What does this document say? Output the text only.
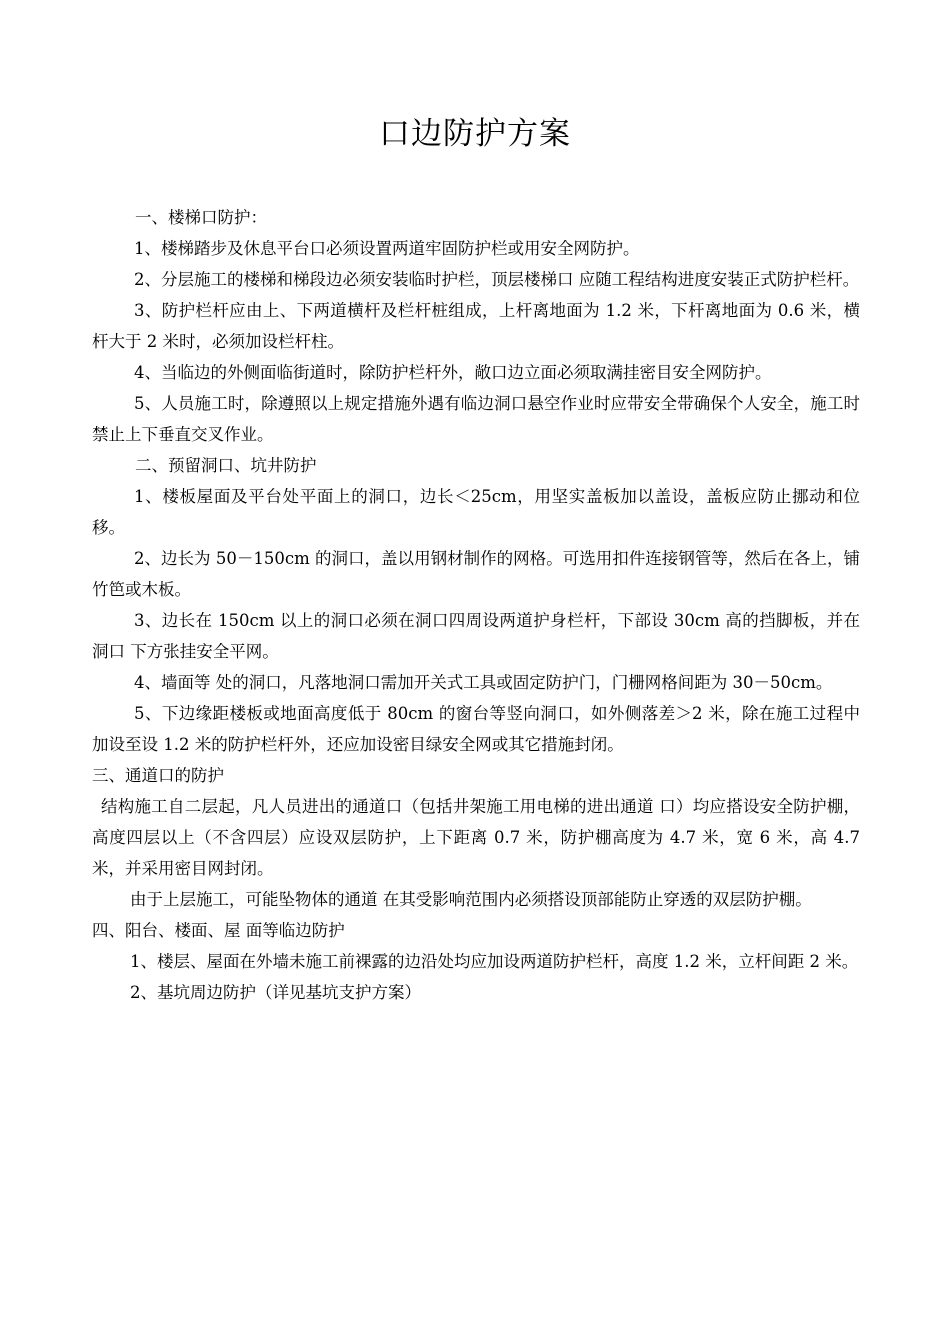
口边防护方案

一、楼梯口防护：

1、楼梯踏步及休息平台口必须设置两道牢固防护栏或用安全网防护。

2、分层施工的楼梯和梯段边必须安装临时护栏，顶层楼梯口 应随工程结构进度安装正式防护栏杆。

3、防护栏杆应由上、下两道横杆及栏杆桩组成，上杆离地面为 1.2 米，下杆离地面为 0.6 米，横杆大于 2 米时，必须加设栏杆柱。

4、当临边的外侧面临街道时，除防护栏杆外，敞口边立面必须取满挂密目安全网防护。

5、人员施工时，除遵照以上规定措施外遇有临边洞口悬空作业时应带安全带确保个人安全，施工时禁止上下垂直交叉作业。

二、预留洞口、坑井防护

1、楼板屋面及平台处平面上的洞口，边长＜25cm，用坚实盖板加以盖设，盖板应防止挪动和位移。

2、边长为 50－150cm 的洞口，盖以用钢材制作的网格。可选用扣件连接钢管等，然后在各上，铺竹笆或木板。

3、边长在 150cm 以上的洞口必须在洞口四周设两道护身栏杆，下部设 30cm 高的挡脚板，并在洞口 下方张挂安全平网。

4、墙面等 处的洞口，凡落地洞口需加开关式工具或固定防护门，门栅网格间距为 30－50cm。

5、下边缘距楼板或地面高度低于 80cm 的窗台等竖向洞口，如外侧落差＞2 米，除在施工过程中加设至设 1.2 米的防护栏杆外，还应加设密目绿安全网或其它措施封闭。

三、通道口的防护

结构施工自二层起，凡人员进出的通道口（包括井架施工用电梯的进出通道 口）均应搭设安全防护棚，高度四层以上（不含四层）应设双层防护，上下距离 0.7 米，防护棚高度为 4.7 米，宽 6 米，高 4.7 米，并采用密目网封闭。

由于上层施工，可能坠物体的通道 在其受影响范围内必须搭设顶部能防止穿透的双层防护棚。

四、阳台、楼面、屋 面等临边防护

1、楼层、屋面在外墙未施工前裸露的边沿处均应加设两道防护栏杆，高度 1.2 米，立杆间距 2 米。

2、基坑周边防护（详见基坑支护方案）
